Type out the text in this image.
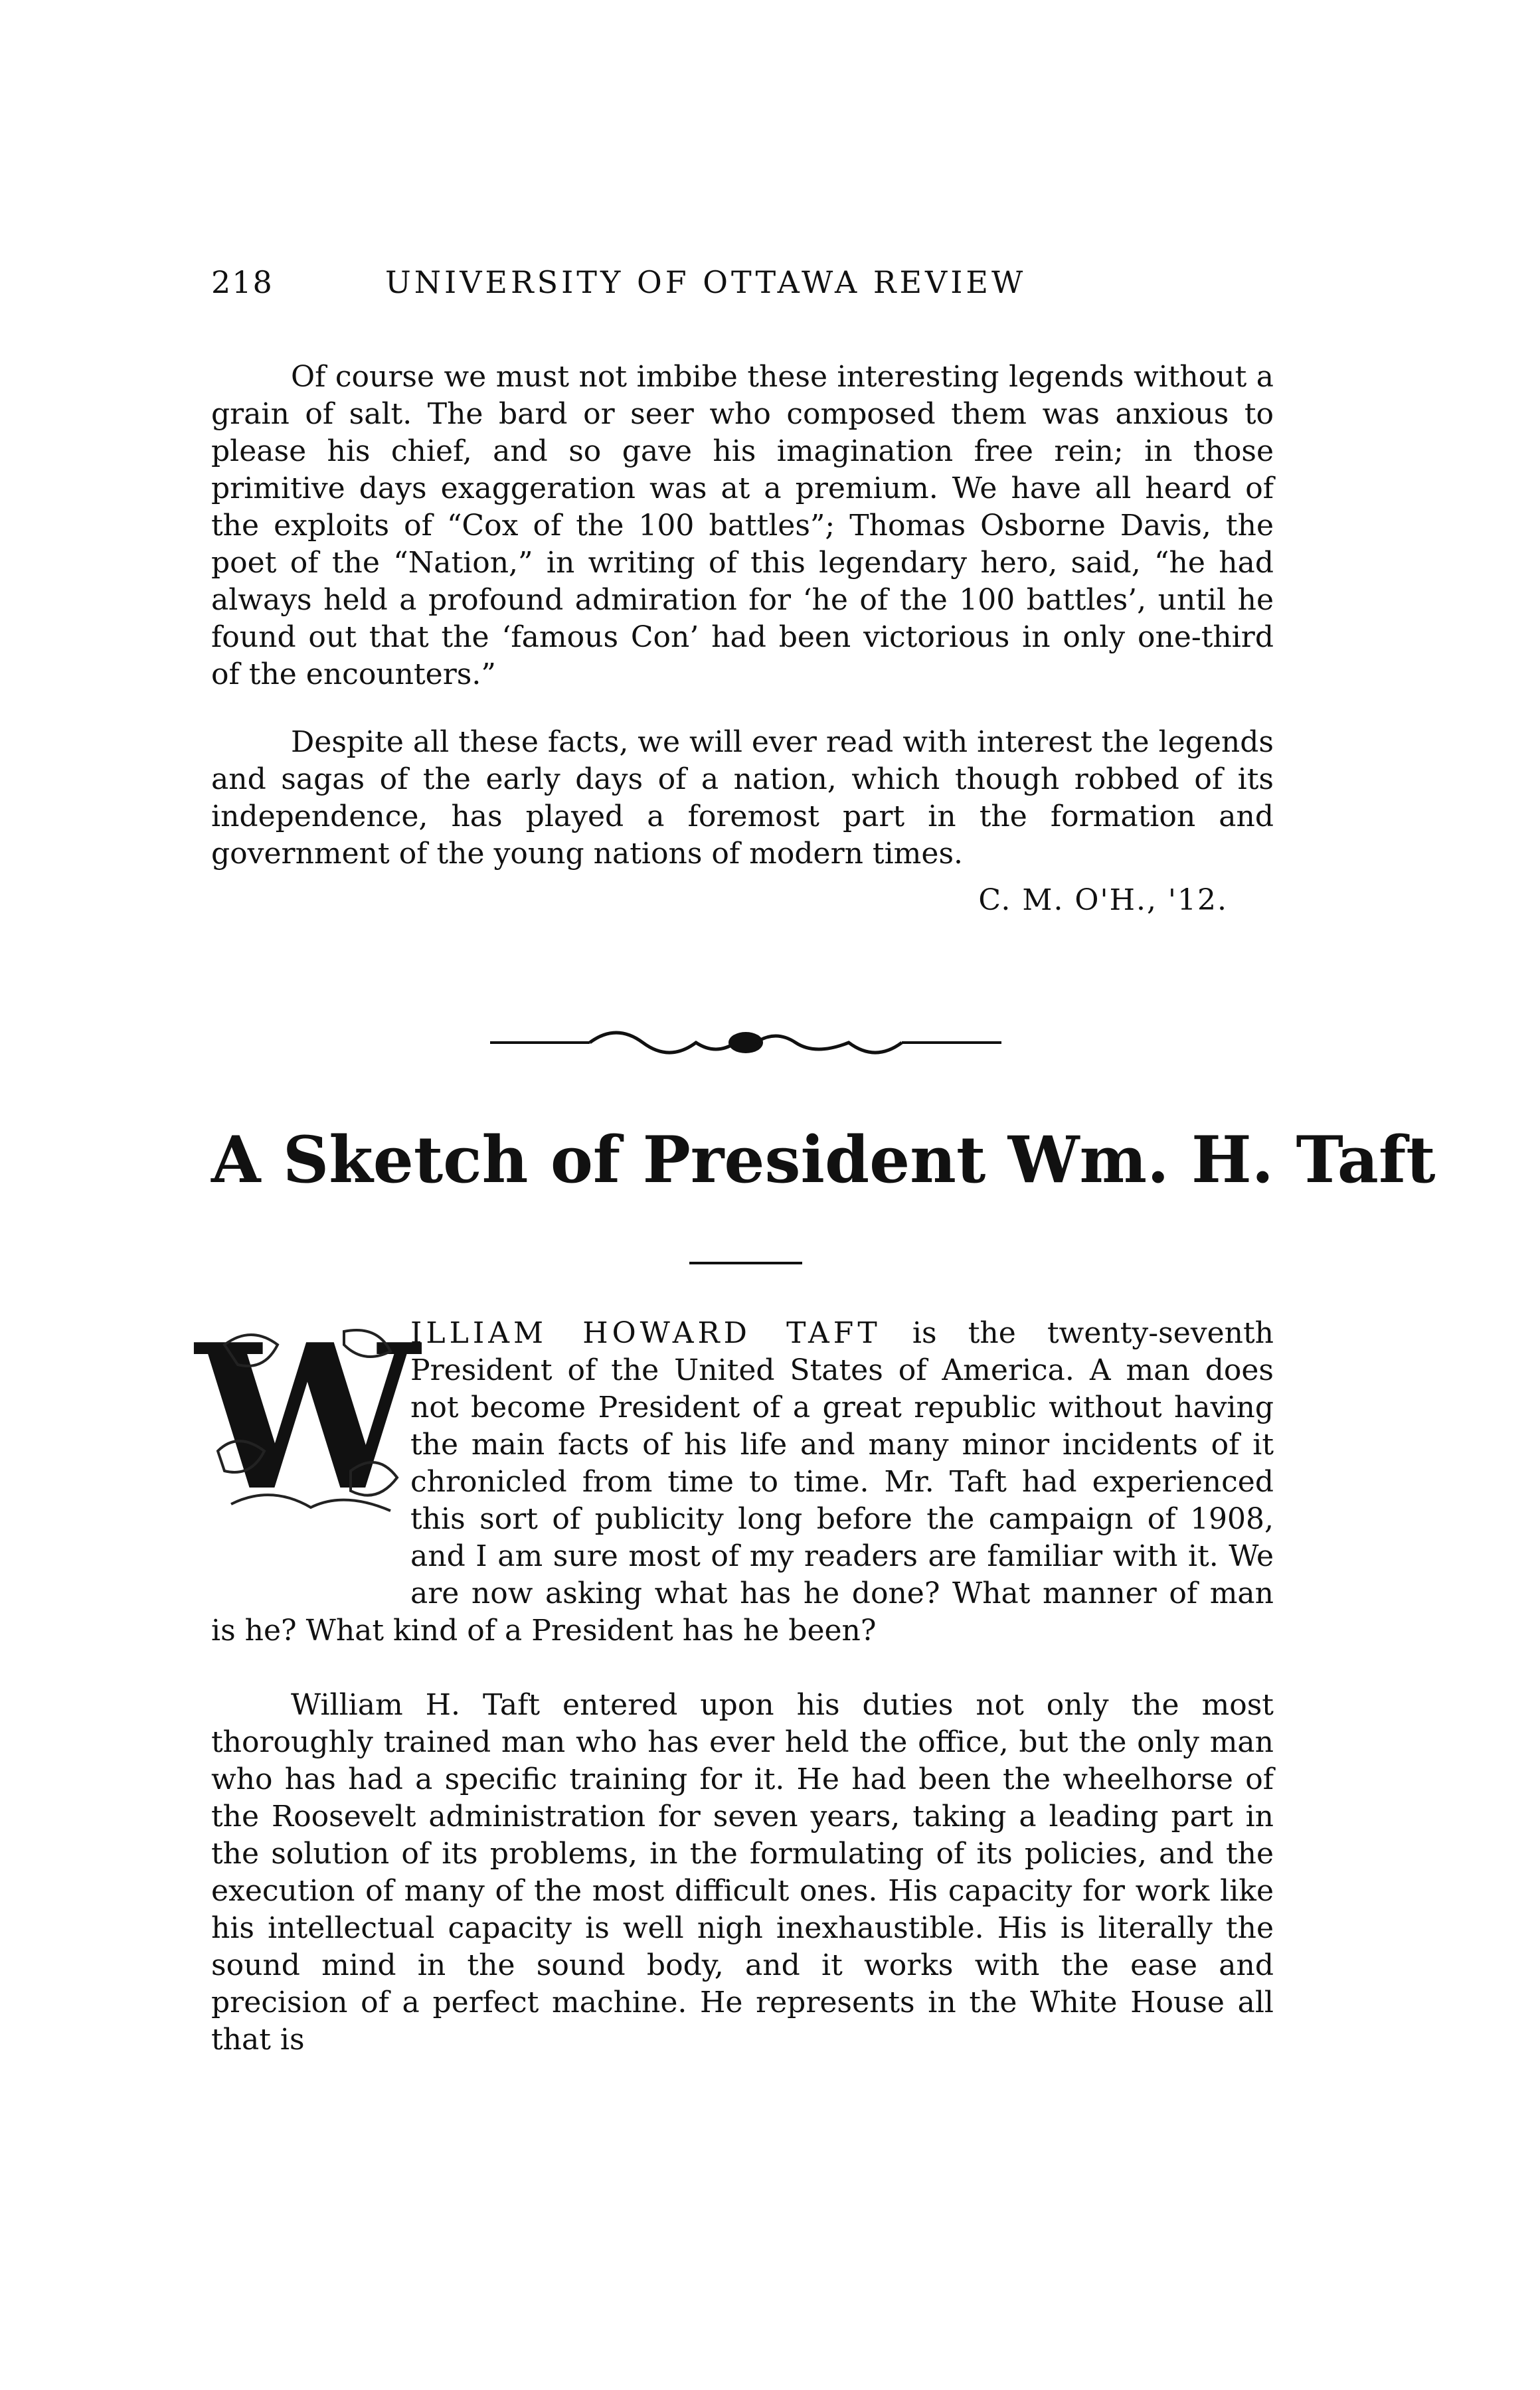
218	UNIVERSITY OF OTTAWA REVIEW

Of course we must not imbibe these interesting legends without a grain of salt. The bard or seer who composed them was anxious to please his chief, and so gave his imagination free rein; in those primitive days exaggeration was at a premium. We have all heard of the exploits of “Cox of the 100 battles”; Thomas Osborne Davis, the poet of the “Nation,” in writing of this legendary hero, said, “he had always held a profound admiration for ‘he of the 100 battles’, until he found out that the ‘famous Con’ had been victorious in only one-third of the encounters.”

Despite all these facts, we will ever read with interest the legends and sagas of the early days of a nation, which though robbed of its independence, has played a foremost part in the formation and government of the young nations of modern times.

C. M. O'H., '12.
A Sketch of President Wm. H. Taft
W
ILLIAM HOWARD TAFT is the twenty-seventh President of the United States of America. A man does not become President of a great republic without having the main facts of his life and many minor incidents of it chronicled from time to time. Mr. Taft had experienced this sort of publicity long before the campaign of 1908, and I am sure most of my readers are familiar with it. We are now asking what has he done? What manner of man is he? What kind of a President has he been?

William H. Taft entered upon his duties not only the most thoroughly trained man who has ever held the office, but the only man who has had a specific training for it. He had been the wheelhorse of the Roosevelt administration for seven years, taking a leading part in the solution of its problems, in the formulating of its policies, and the execution of many of the most difficult ones. His capacity for work like his intellectual capacity is well nigh inexhaustible. His is literally the sound mind in the sound body, and it works with the ease and precision of a perfect machine. He represents in the White House all that is
